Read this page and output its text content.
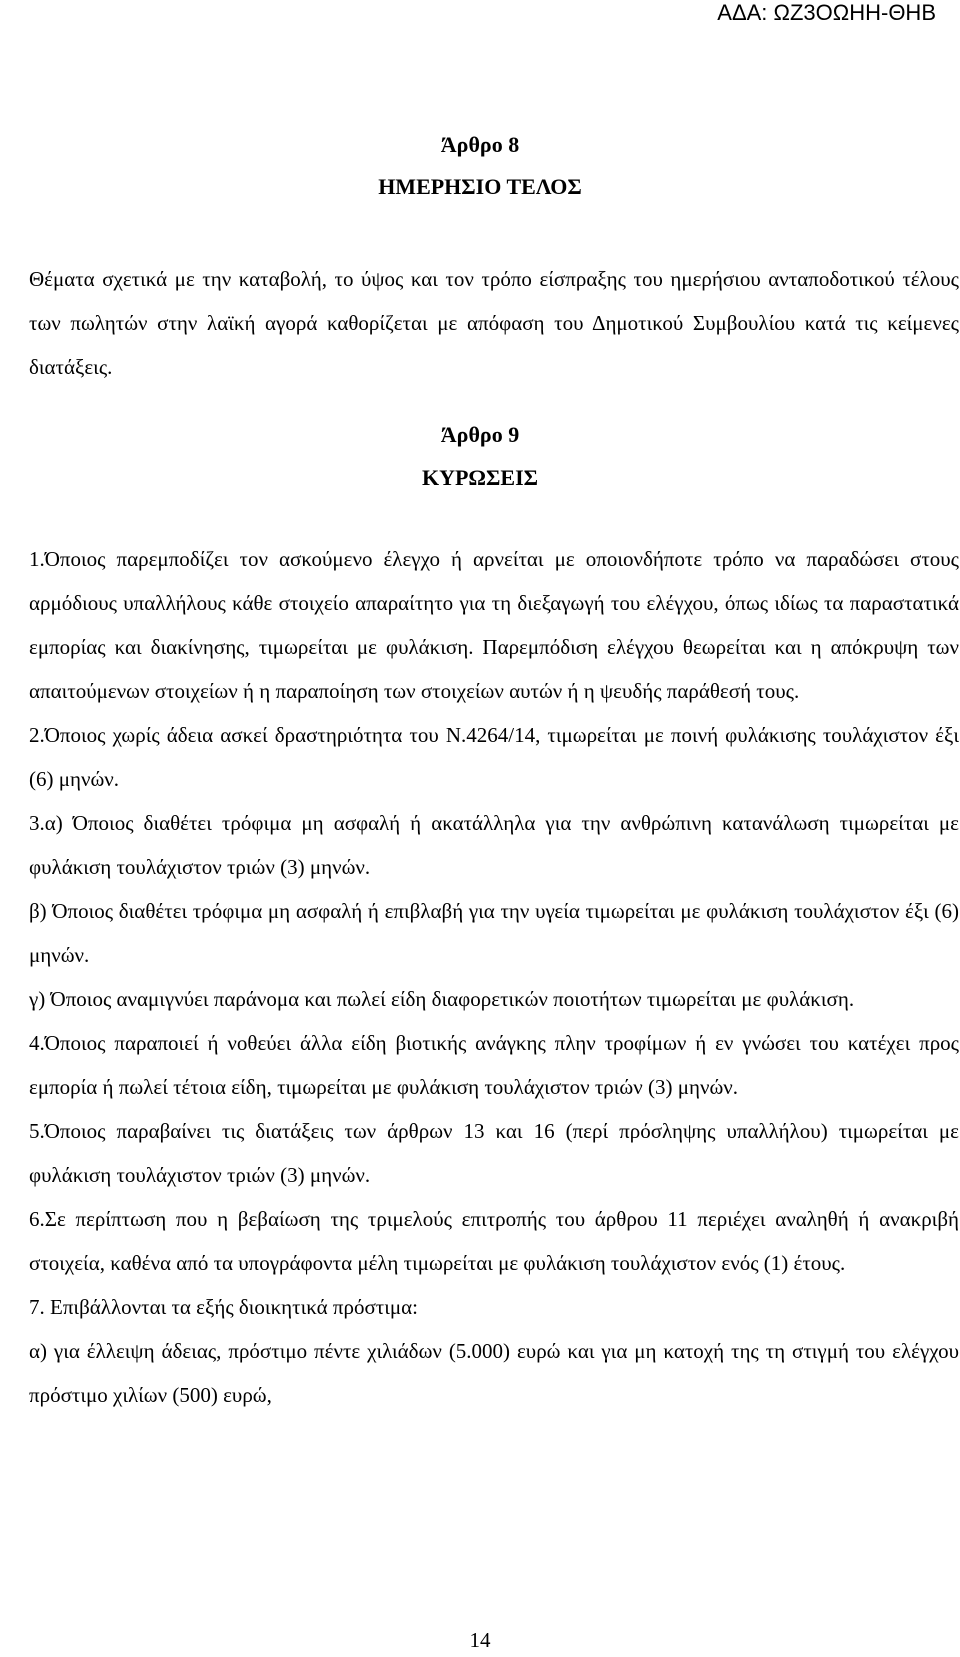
ΑΔΑ: ΩΖ3ΟΩΗΗ-ΘΗΒ
Άρθρο 8
ΗΜΕΡΗΣΙΟ ΤΕΛΟΣ

Θέματα σχετικά με την καταβολή, το ύψος και τον τρόπο είσπραξης του ημερήσιου ανταποδοτικού τέλους των πωλητών στην λαϊκή αγορά καθορίζεται με απόφαση του Δημοτικού Συμβουλίου κατά τις κείμενες διατάξεις.

Άρθρο 9
ΚΥΡΩΣΕΙΣ

1.Όποιος παρεμποδίζει τον ασκούμενο έλεγχο ή αρνείται με οποιονδήποτε τρόπο να παραδώσει στους αρμόδιους υπαλλήλους κάθε στοιχείο απαραίτητο για τη διεξαγωγή του ελέγχου, όπως ιδίως τα παραστατικά εμπορίας και διακίνησης, τιμωρείται με φυλάκιση. Παρεμπόδιση ελέγχου θεωρείται και η απόκρυψη των απαιτούμενων στοιχείων ή η παραποίηση των στοιχείων αυτών ή η ψευδής παράθεσή τους.

2.Όποιος χωρίς άδεια ασκεί δραστηριότητα του Ν.4264/14, τιμωρείται με ποινή φυλάκισης τουλάχιστον έξι (6) μηνών.

3.α) Όποιος διαθέτει τρόφιμα μη ασφαλή ή ακατάλληλα για την ανθρώπινη κατανάλωση τιμωρείται με φυλάκιση τουλάχιστον τριών (3) μηνών.

β) Όποιος διαθέτει τρόφιμα μη ασφαλή ή επιβλαβή για την υγεία τιμωρείται με φυλάκιση τουλάχιστον έξι (6) μηνών.

γ) Όποιος αναμιγνύει παράνομα και πωλεί είδη διαφορετικών ποιοτήτων τιμωρείται με φυλάκιση.

4.Όποιος παραποιεί ή νοθεύει άλλα είδη βιοτικής ανάγκης πλην τροφίμων ή εν γνώσει του κατέχει προς εμπορία ή πωλεί τέτοια είδη, τιμωρείται με φυλάκιση τουλάχιστον τριών (3) μηνών.

5.Όποιος παραβαίνει τις διατάξεις των άρθρων 13 και 16 (περί πρόσληψης υπαλλήλου) τιμωρείται με φυλάκιση τουλάχιστον τριών (3) μηνών.

6.Σε περίπτωση που η βεβαίωση της τριμελούς επιτροπής του άρθρου 11 περιέχει αναληθή ή ανακριβή στοιχεία, καθένα από τα υπογράφοντα μέλη τιμωρείται με φυλάκιση τουλάχιστον ενός (1) έτους.

7. Επιβάλλονται τα εξής διοικητικά πρόστιμα:

α) για έλλειψη άδειας, πρόστιμο πέντε χιλιάδων (5.000) ευρώ και για μη κατοχή της τη στιγμή του ελέγχου πρόστιμο χιλίων (500) ευρώ,

14
